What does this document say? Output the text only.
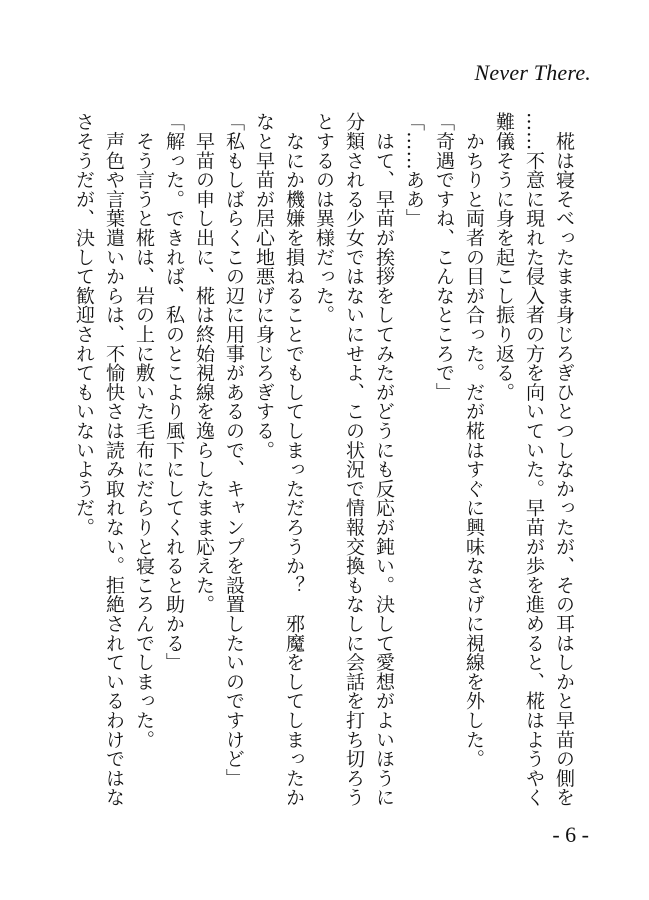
Never There.

　椛は寝そべったまま身じろぎひとつしなかったが、その耳はしかと早苗の側を

……不意に現れた侵入者の方を向いていた。早苗が歩を進めると、椛はようやく

難儀そうに身を起こし振り返る。

　かちりと両者の目が合った。だが椛はすぐに興味なさげに視線を外した。

「奇遇ですね、こんなところで」

「……ああ」

　はて、早苗が挨拶をしてみたがどうにも反応が鈍い。決して愛想がよいほうに

分類される少女ではないにせよ、この状況で情報交換もなしに会話を打ち切ろう

とするのは異様だった。

　なにか機嫌を損ねることでもしてしまっただろうか？　邪魔をしてしまったか

なと早苗が居心地悪げに身じろぎする。

「私もしばらくこの辺に用事があるので、キャンプを設置したいのですけど」

　早苗の申し出に、椛は終始視線を逸らしたまま応えた。

「解った。できれば、私のとこより風下にしてくれると助かる」

　そう言うと椛は、岩の上に敷いた毛布にだらりと寝ころんでしまった。

　声色や言葉遣いからは、不愉快さは読み取れない。拒絶されているわけではな

さそうだが、決して歓迎されてもいないようだ。

- 6 -
